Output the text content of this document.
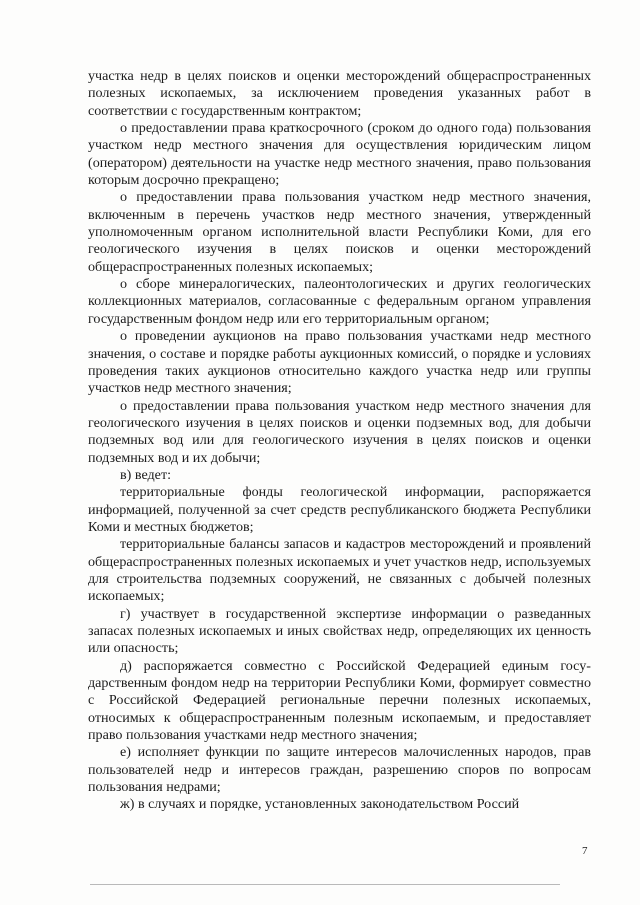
участка недр в целях поисков и оценки месторождений общераспространенных полезных ископаемых, за исключением проведения указанных работ в соответствии с государственным контрактом;

о предоставлении права краткосрочного (сроком до одного года) пользования участком недр местного значения для осуществления юридическим лицом (оператором) деятельности на участке недр местного значения, право пользования которым досрочно прекращено;

о предоставлении права пользования участком недр местного значения, включенным в перечень участков недр местного значения, утвержденный уполномоченным органом исполнительной власти Республики Коми, для его геологического изучения в целях поисков и оценки месторождений общераспространенных полезных ископаемых;

о сборе минералогических, палеонтологических и других геологических коллекционных материалов, согласованные с федеральным органом управления государственным фондом недр или его территориальным органом;

о проведении аукционов на право пользования участками недр местного значения, о составе и порядке работы аукционных комиссий, о порядке и условиях проведения таких аукционов относительно каждого участка недр или группы участков недр местного значения;

о предоставлении права пользования участком недр местного значения для геологического изучения в целях поисков и оценки подземных вод, для добычи подземных вод или для геологического изучения в целях поисков и оценки подземных вод и их добычи;

в) ведет:

территориальные фонды геологической информации, распоряжается информацией, полученной за счет средств республиканского бюджета Республики Коми и местных бюджетов;

территориальные балансы запасов и кадастров месторождений и проявлений общераспространенных полезных ископаемых и учет участков недр, используемых для строительства подземных сооружений, не связанных с добычей полезных ископаемых;

г) участвует в государственной экспертизе информации о разведанных запасах полезных ископаемых и иных свойствах недр, определяющих их ценность или опасность;

д) распоряжается совместно с Российской Федерацией единым государственным фондом недр на территории Республики Коми, формирует совместно с Российской Федерацией региональные перечни полезных ископаемых, относимых к общераспространенным полезным ископаемым, и предоставляет право пользования участками недр местного значения;

е) исполняет функции по защите интересов малочисленных народов, прав пользователей недр и интересов граждан, разрешению споров по вопросам пользования недрами;

ж) в случаях и порядке, установленных законодательством Россий

7
